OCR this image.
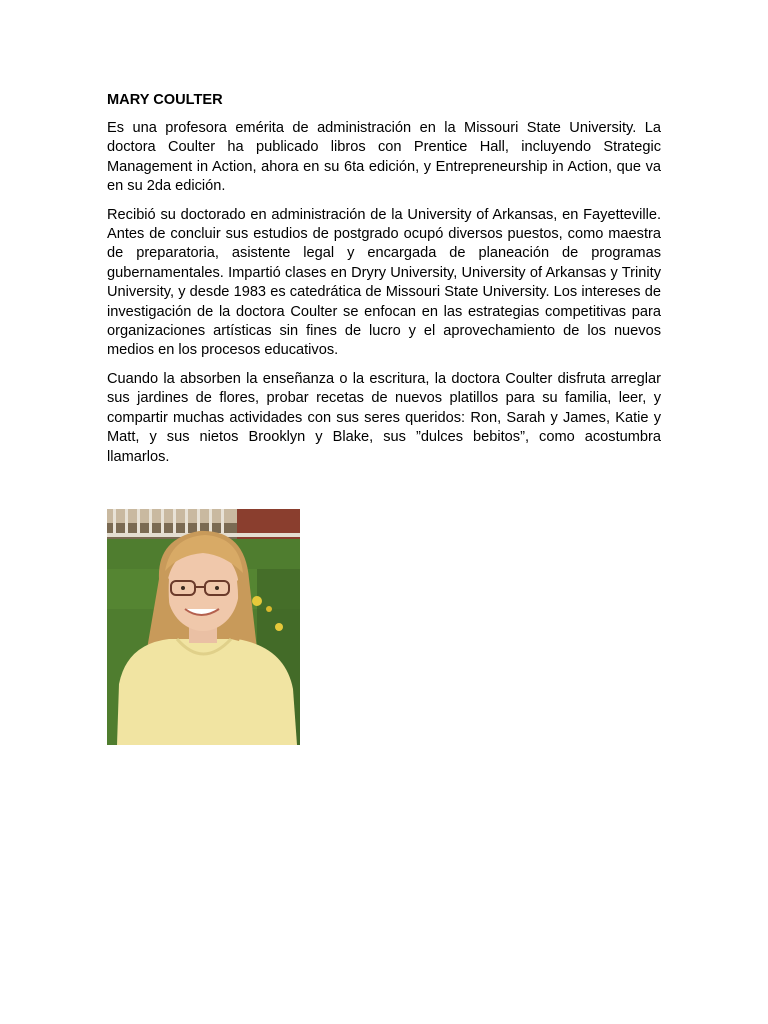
MARY COULTER

Es una profesora emérita de administración en la Missouri State University. La doctora Coulter ha publicado libros con Prentice Hall, incluyendo Strategic Management in Action, ahora en su 6ta edición, y Entrepreneurship in Action, que va en su 2da edición.

Recibió su doctorado en administración de la University of Arkansas, en Fayetteville. Antes de concluir sus estudios de postgrado ocupó diversos puestos, como maestra de preparatoria, asistente legal y encargada de planeación de programas gubernamentales. Impartió clases en Dryry University, University of Arkansas y Trinity University, y desde 1983 es catedrática de Missouri State University. Los intereses de investigación de la doctora Coulter se enfocan en las estrategias competitivas para organizaciones artísticas sin fines de lucro y el aprovechamiento de los nuevos medios en los procesos educativos.

Cuando la absorben la enseñanza o la escritura, la doctora Coulter disfruta arreglar sus jardines de flores, probar recetas de nuevos platillos para su familia, leer, y compartir muchas actividades con sus seres queridos: Ron, Sarah y James, Katie y Matt, y sus nietos Brooklyn y Blake, sus ”dulces bebitos”, como acostumbra llamarlos.
